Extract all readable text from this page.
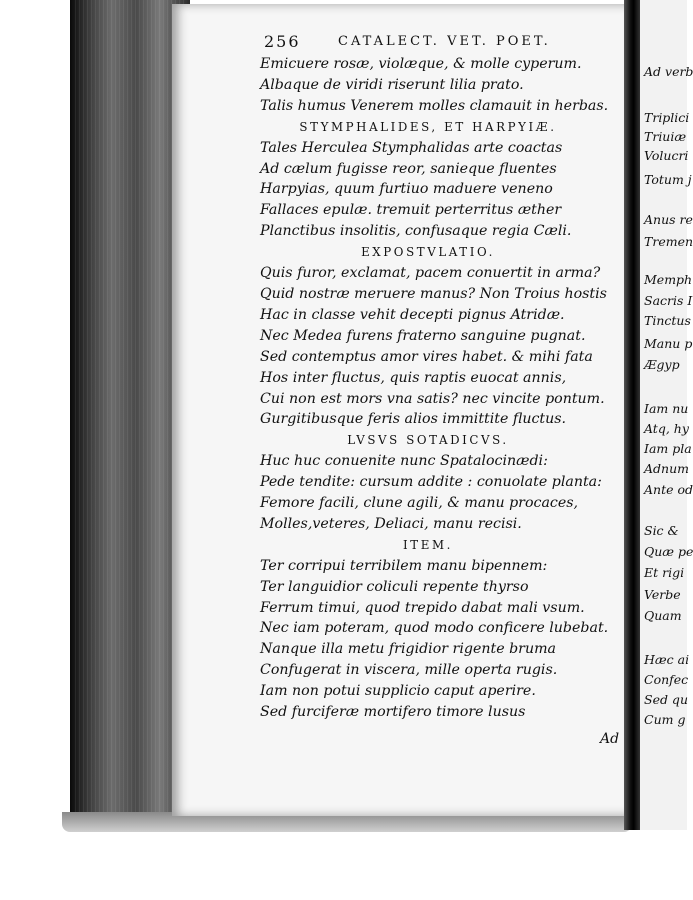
Ad verb
Triplici
Triuiæ
Volucri
Totum j
Anus re
Tremen
Memph
Sacris I
Tinctus
Manu p
Ægyp
Iam nu
Atq, hy
Iam pla
Adnum
Ante od
Sic &
Quæ pe
Et rigi
Verbe
Quam
Hæc ai
Confec
Sed qu
Cum g
256	CATALECT. VET. POET.
Emicuere rosæ, violæque, & molle cyperum.
Albaque de viridi riserunt lilia prato.
Talis humus Venerem molles clamauit in herbas.
STYMPHALIDES, ET HARPYIÆ.
Tales Herculea Stymphalidas arte coactas
Ad cælum fugisse reor, sanieque fluentes
Harpyias, quum furtiuo maduere veneno
Fallaces epulæ. tremuit perterritus æther
Planctibus insolitis, confusaque regia Cæli.
EXPOSTVLATIO.
Quis furor, exclamat, pacem conuertit in arma?
Quid nostræ meruere manus? Non Troius hostis
Hac in classe vehit decepti pignus Atridæ.
Nec Medea furens fraterno sanguine pugnat.
Sed contemptus amor vires habet. & mihi fata
Hos inter fluctus, quis raptis euocat annis,
Cui non est mors vna satis? nec vincite pontum.
Gurgitibusque feris alios immittite fluctus.
LVSVS SOTADICVS.
Huc huc conuenite nunc Spatalocinædi:
Pede tendite: cursum addite : conuolate planta:
Femore facili, clune agili, & manu procaces,
Molles,veteres, Deliaci, manu recisi.
ITEM.
Ter corripui terribilem manu bipennem:
Ter languidior coliculi repente thyrso
Ferrum timui, quod trepido dabat mali vsum.
Nec iam poteram, quod modo conficere lubebat.
Nanque illa metu frigidior rigente bruma
Confugerat in viscera, mille operta rugis.
Iam non potui supplicio caput aperire.
Sed furciferæ mortifero timore lusus
Ad
